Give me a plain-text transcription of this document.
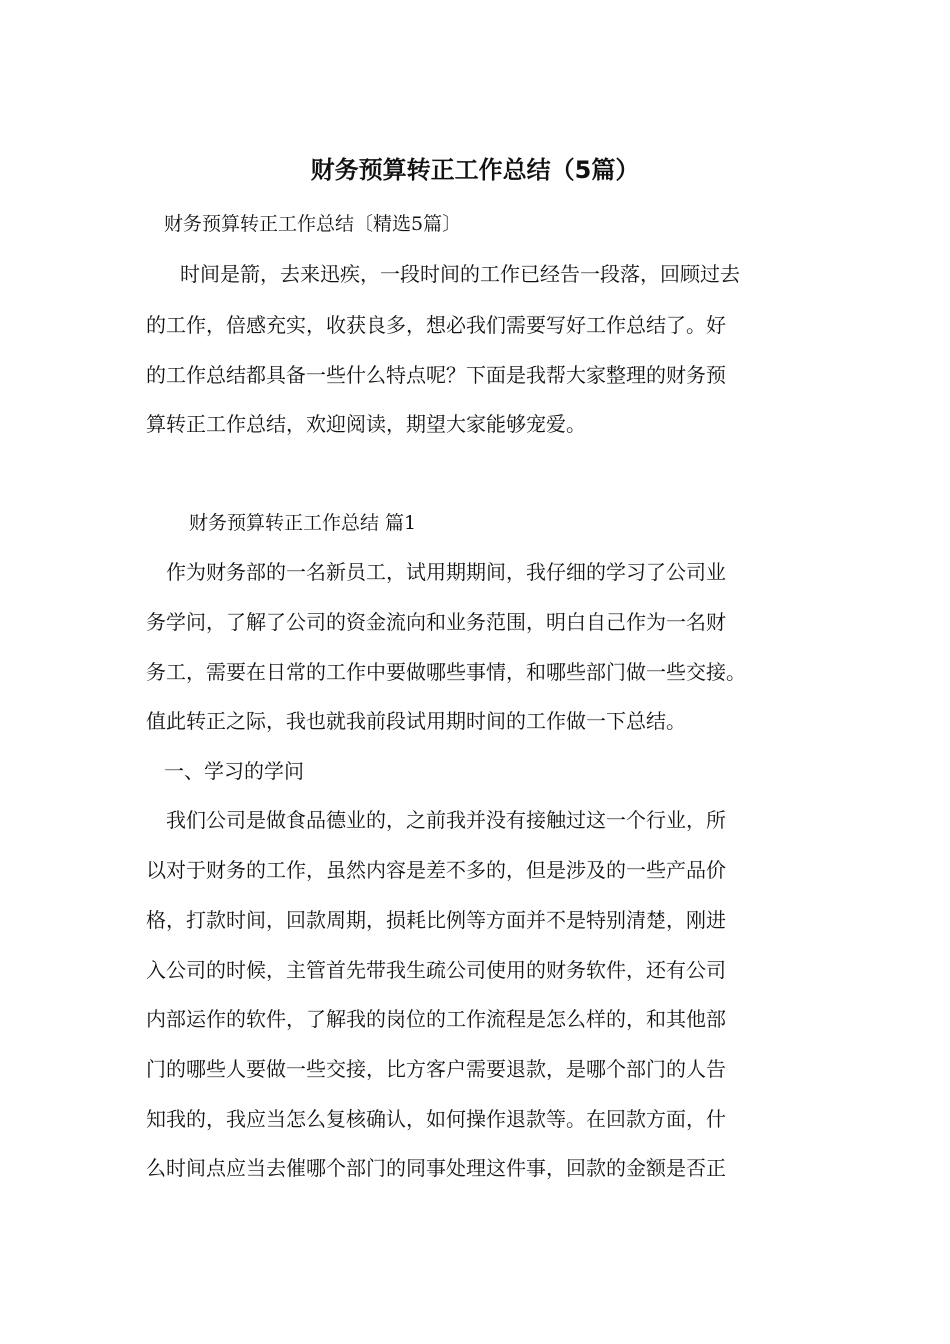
财务预算转正工作总结（5篇）

财务预算转正工作总结〔精选5篇〕

时间是箭，去来迅疾，一段时间的工作已经告一段落，回顾过去

的工作，倍感充实，收获良多，想必我们需要写好工作总结了。好

的工作总结都具备一些什么特点呢？下面是我帮大家整理的财务预

算转正工作总结，欢迎阅读，期望大家能够宠爱。

财务预算转正工作总结 篇1

作为财务部的一名新员工，试用期期间，我仔细的学习了公司业

务学问，了解了公司的资金流向和业务范围，明白自己作为一名财

务工，需要在日常的工作中要做哪些事情，和哪些部门做一些交接。

值此转正之际，我也就我前段试用期时间的工作做一下总结。

一、学习的学问

我们公司是做食品德业的，之前我并没有接触过这一个行业，所

以对于财务的工作，虽然内容是差不多的，但是涉及的一些产品价

格，打款时间，回款周期，损耗比例等方面并不是特别清楚，刚进

入公司的时候，主管首先带我生疏公司使用的财务软件，还有公司

内部运作的软件，了解我的岗位的工作流程是怎么样的，和其他部

门的哪些人要做一些交接，比方客户需要退款，是哪个部门的人告

知我的，我应当怎么复核确认，如何操作退款等。在回款方面，什

么时间点应当去催哪个部门的同事处理这件事，回款的金额是否正
